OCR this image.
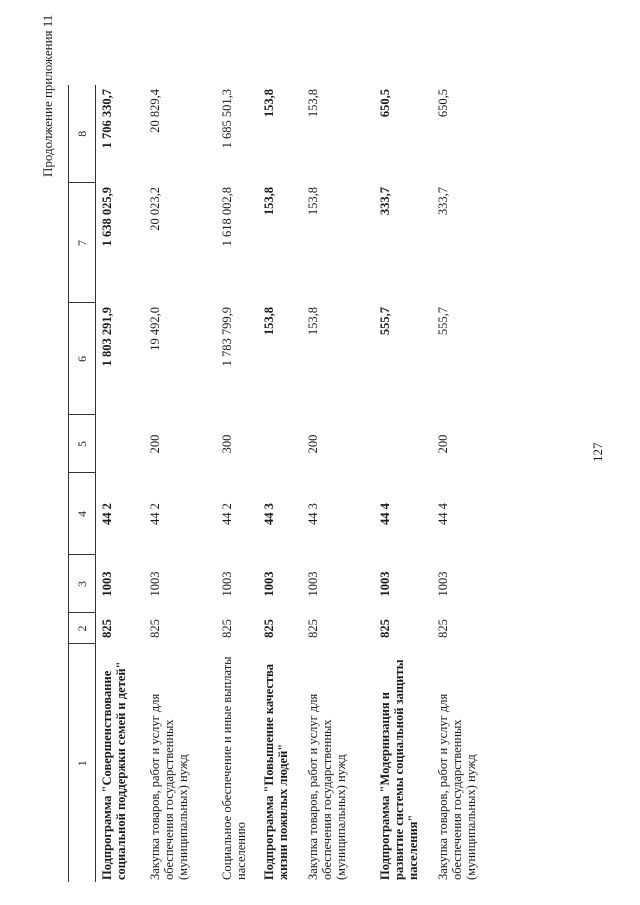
127
Продолжение приложения 11
1	2	3	4	5	6	7	8
Подпрограмма "Совершенствование социальной поддержки семей и детей"	825	1003	44 2		1 803 291,9	1 638 025,9	1 706 330,7
Закупка товаров, работ и услуг для обеспечения государственных (муниципальных) нужд	825	1003	44 2	200	19 492,0	20 023,2	20 829,4
Социальное обеспечение и иные выплаты населению	825	1003	44 2	300	1 783 799,9	1 618 002,8	1 685 501,3
Подпрограмма "Повышение качества жизни пожилых людей"	825	1003	44 3		153,8	153,8	153,8
Закупка товаров, работ и услуг для обеспечения государственных (муниципальных) нужд	825	1003	44 3	200	153,8	153,8	153,8
Подпрограмма "Модернизация и развитие системы социальной защиты населения"	825	1003	44 4		555,7	333,7	650,5
Закупка товаров, работ и услуг для обеспечения государственных (муниципальных) нужд	825	1003	44 4	200	555,7	333,7	650,5
